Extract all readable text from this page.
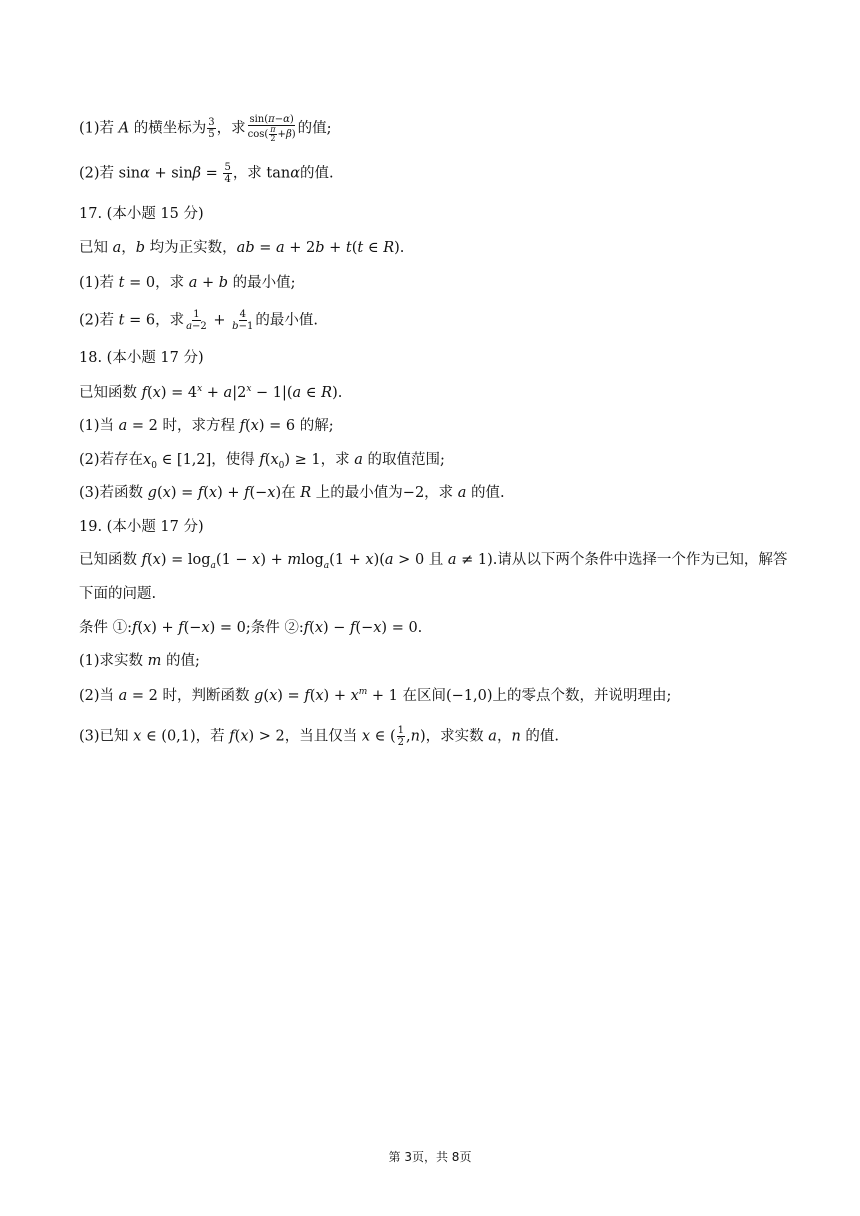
(1)若 A 的横坐标为 $\frac{3}{5}$ ，求 $\frac{\sin(\pi-\alpha)}{\cos( \frac{\pi}{2} +\beta)}$ 的值;
(2)若 $\sin\alpha + \sin\beta = \frac{5}{4}$ ，求 tanα的值.
17. (本小题 15 分)
已知 a，b 均为正实数，ab = a + 2b + t(t ∈ R).
(1)若 t = 0，求 a + b 的最小值;
(2)若 t = 6，求 $\frac{1}{a-2} + \frac{4}{b-1}$ 的最小值.
18. (本小题 17 分)
已知函数 $f(x) = 4^x + a|2^x - 1|(a$ ∈ R).
(1)当 a = 2 时，求方程 f(x) = 6 的解;
(2)若存在$x_0$ ∈ [1,2]，使得 $f(x_0) \ge 1$，求 a 的取值范围;
(3)若函数 g(x) = f(x) + f(−x)在 R 上的最小值为−2，求 a 的值.
19. (本小题 17 分)
已知函数 $f(x) = \log_a(1 - x) + mlog_a(1 + x)(a > 0$ 且 a ≠ 1).请从以下两个条件中选择一个作为已知，解答
下面的问题.
条件 ①:f(x) + f(−x) = 0;条件 ②:f(x) − f(−x) = 0.
(1)求实数 m 的值;
(2)当 a = 2 时，判断函数 $g(x) = f(x) + x^m + 1$ 在区间(−1,0)上的零点个数，并说明理由;
(3)已知 x ∈ (0,1)，若 f(x) > 2，当且仅当 x ∈ ( $\frac{1}{2} ,n$)，求实数 a，n 的值.
第 3页，共 8页
